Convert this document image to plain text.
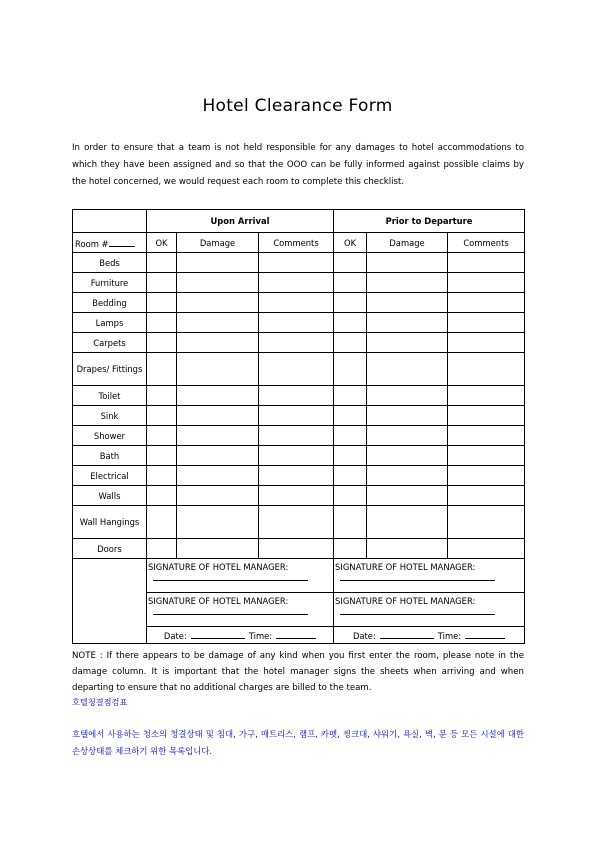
Hotel Clearance Form
In order to ensure that a team is not held responsible for any damages to hotel accommodations to which they have been assigned and so that the OOO can be fully informed against possible claims by the hotel concerned, we would request each room to complete this checklist.
	Upon Arrival			Prior to Departure		
Room #	OK	Damage	Comments	OK	Damage	Comments
Beds						
Furniture						
Bedding						
Lamps						
Carpets						
Drapes/ Fittings						
Toilet						
Sink						
Shower						
Bath						
Electrical						
Walls						
Wall Hangings						
Doors						

	SIGNATURE OF HOTEL MANAGER:			SIGNATURE OF HOTEL MANAGER:		

	SIGNATURE OF HOTEL MANAGER:			SIGNATURE OF HOTEL MANAGER:		

	Date: Time:			Date: Time:		
NOTE : If there appears to be damage of any kind when you first enter the room, please note in the damage column. It is important that the hotel manager signs the sheets when arriving and when departing to ensure that no additional charges are billed to the team.
호텔청결점검표
호텔에서 사용하는 청소의 청결상태 및 침대, 가구, 매트리스, 램프, 카펫, 씽크대, 샤워기, 욕실, 벽, 문 등 모든 시설에 대한 손상상태를 체크하기 위한 목록입니다.
